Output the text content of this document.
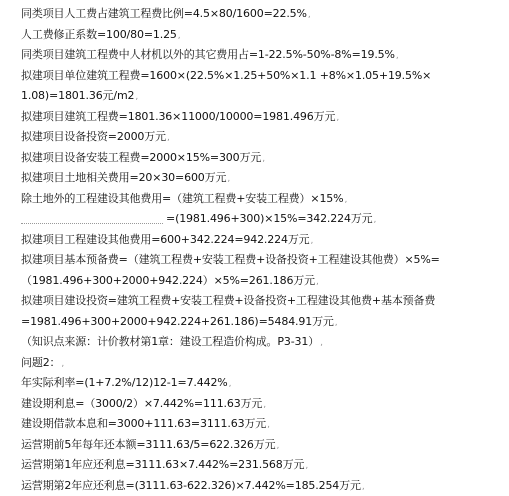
同类项目人工费占建筑工程费比例=4.5×80/1600=22.5%,
人工费修正系数=100/80=1.25,
同类项目建筑工程费中人材机以外的其它费用占=1-22.5%-50%-8%=19.5%,
拟建项目单位建筑工程费=1600×(22.5%×1.25+50%×1.1 +8%×1.05+19.5%×
1.08)=1801.36元/m2,
拟建项目建筑工程费=1801.36×11000/10000=1981.496万元,
拟建项目设备投资=2000万元,
拟建项目设备安装工程费=2000×15%=300万元,
拟建项目土地相关费用=20×30=600万元,
除土地外的工程建设其他费用=（建筑工程费+安装工程费）×15%,
=(1981.496+300)×15%=342.224万元,
拟建项目工程建设其他费用=600+342.224=942.224万元,
拟建项目基本预备费=（建筑工程费+安装工程费+设备投资+工程建设其他费）×5%=
（1981.496+300+2000+942.224）×5%=261.186万元,
拟建项目建设投资=建筑工程费+安装工程费+设备投资+工程建设其他费+基本预备费
=1981.496+300+2000+942.224+261.186)=5484.91万元,
（知识点来源：计价教材第1章：建设工程造价构成。P3-31）,
问题2：,
年实际利率=(1+7.2%/12)12-1=7.442%,
建设期利息=（3000/2）×7.442%=111.63万元,
建设期借款本息和=3000+111.63=3111.63万元,
运营期前5年每年还本额=3111.63/5=622.326万元,
运营期第1年应还利息=3111.63×7.442%=231.568万元,
运营期第2年应还利息=(3111.63-622.326)×7.442%=185.254万元,
